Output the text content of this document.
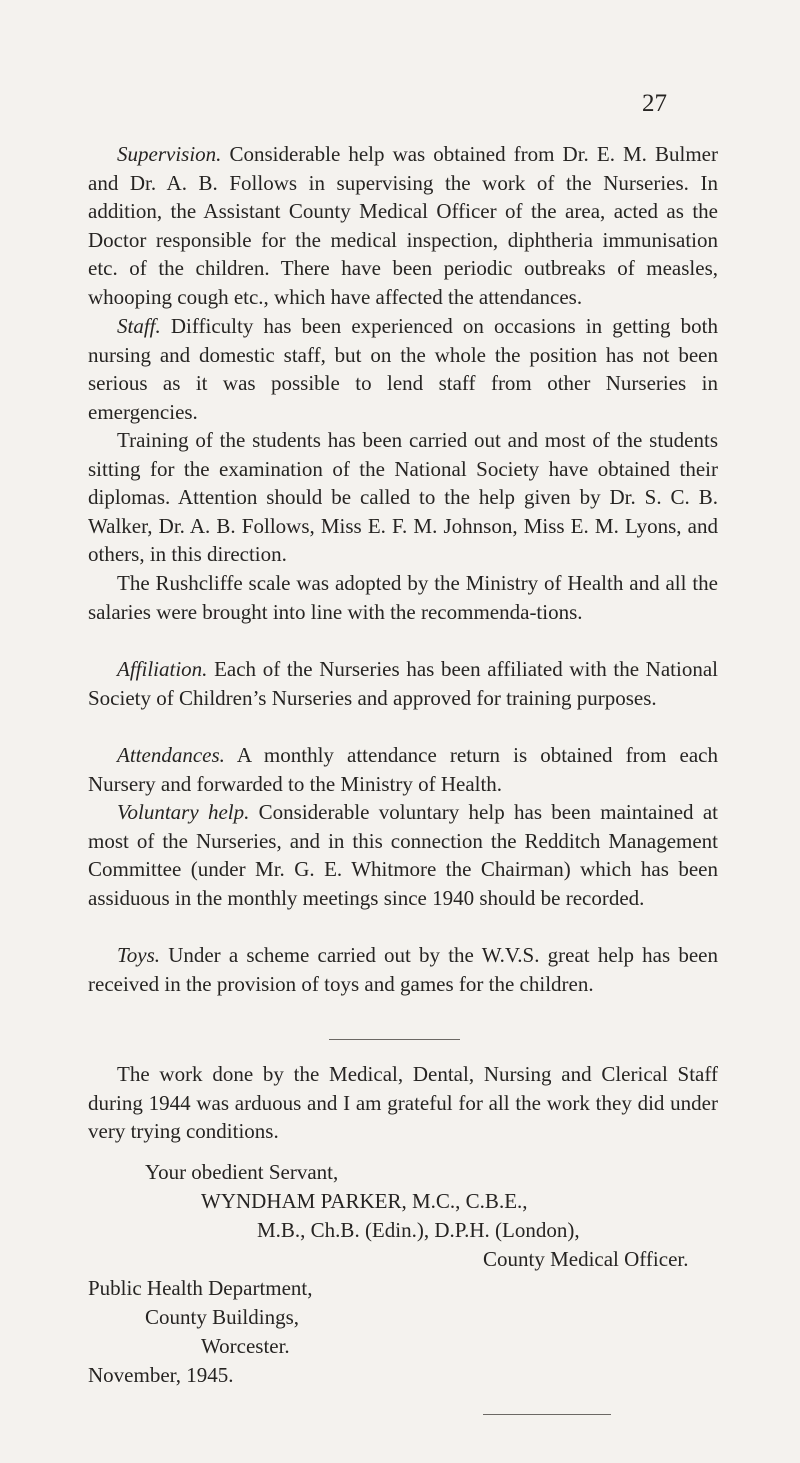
27

Supervision. Considerable help was obtained from Dr. E. M. Bulmer and Dr. A. B. Follows in supervising the work of the Nurseries. In addition, the Assistant County Medical Officer of the area, acted as the Doctor responsible for the medical inspection, diphtheria immunisation etc. of the children. There have been periodic outbreaks of measles, whooping cough etc., which have affected the attendances.

Staff. Difficulty has been experienced on occasions in getting both nursing and domestic staff, but on the whole the position has not been serious as it was possible to lend staff from other Nurseries in emergencies.

Training of the students has been carried out and most of the students sitting for the examination of the National Society have obtained their diplomas. Attention should be called to the help given by Dr. S. C. B. Walker, Dr. A. B. Follows, Miss E. F. M. Johnson, Miss E. M. Lyons, and others, in this direction.

The Rushcliffe scale was adopted by the Ministry of Health and all the salaries were brought into line with the recommenda-tions.

Affiliation. Each of the Nurseries has been affiliated with the National Society of Children’s Nurseries and approved for training purposes.

Attendances. A monthly attendance return is obtained from each Nursery and forwarded to the Ministry of Health.

Voluntary help. Considerable voluntary help has been maintained at most of the Nurseries, and in this connection the Redditch Management Committee (under Mr. G. E. Whitmore the Chairman) which has been assiduous in the monthly meetings since 1940 should be recorded.

Toys. Under a scheme carried out by the W.V.S. great help has been received in the provision of toys and games for the children.

The work done by the Medical, Dental, Nursing and Clerical Staff during 1944 was arduous and I am grateful for all the work they did under very trying conditions.

Your obedient Servant,
WYNDHAM PARKER, M.C., C.B.E.,
M.B., Ch.B. (Edin.), D.P.H. (London),
County Medical Officer.
Public Health Department,
County Buildings,
Worcester.
November, 1945.
